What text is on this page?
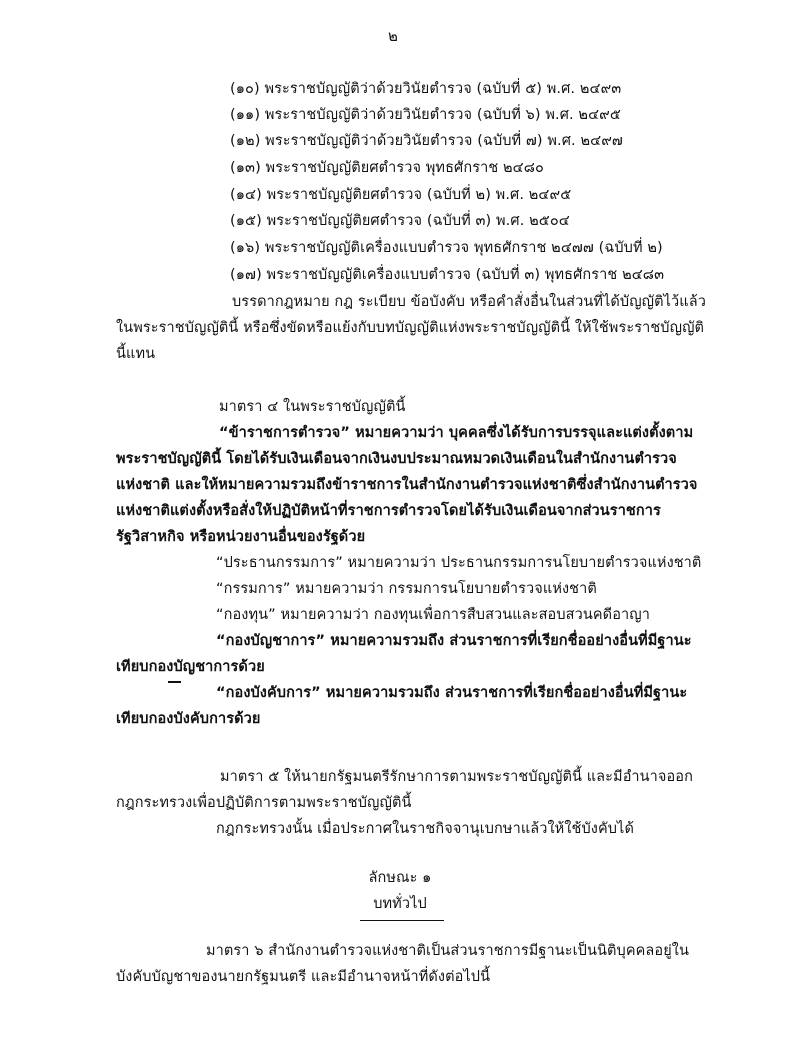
๒
(๑๐) พระราชบัญญัติว่าด้วยวินัยตำรวจ (ฉบับที่ ๕) พ.ศ. ๒๔๙๓
(๑๑) พระราชบัญญัติว่าด้วยวินัยตำรวจ (ฉบับที่ ๖) พ.ศ. ๒๔๙๕
(๑๒) พระราชบัญญัติว่าด้วยวินัยตำรวจ (ฉบับที่ ๗) พ.ศ. ๒๔๙๗
(๑๓) พระราชบัญญัติยศตำรวจ พุทธศักราช ๒๔๘๐
(๑๔) พระราชบัญญัติยศตำรวจ (ฉบับที่ ๒) พ.ศ. ๒๔๙๕
(๑๕) พระราชบัญญัติยศตำรวจ (ฉบับที่ ๓) พ.ศ. ๒๕๐๔
(๑๖) พระราชบัญญัติเครื่องแบบตำรวจ พุทธศักราช ๒๔๗๗ (ฉบับที่ ๒)
(๑๗) พระราชบัญญัติเครื่องแบบตำรวจ (ฉบับที่ ๓) พุทธศักราช ๒๔๘๓
บรรดากฎหมาย กฎ ระเบียบ ข้อบังคับ หรือคำสั่งอื่นในส่วนที่ได้บัญญัติไว้แล้ว
ในพระราชบัญญัตินี้ หรือซึ่งขัดหรือแย้งกับบทบัญญัติแห่งพระราชบัญญัตินี้ ให้ใช้พระราชบัญญัติ
นี้แทน
มาตรา ๔ ในพระราชบัญญัตินี้
“ข้าราชการตำรวจ” หมายความว่า บุคคลซึ่งได้รับการบรรจุและแต่งตั้งตาม
พระราชบัญญัตินี้ โดยได้รับเงินเดือนจากเงินงบประมาณหมวดเงินเดือนในสำนักงานตำรวจ
แห่งชาติ และให้หมายความรวมถึงข้าราชการในสำนักงานตำรวจแห่งชาติซึ่งสำนักงานตำรวจ
แห่งชาติแต่งตั้งหรือสั่งให้ปฏิบัติหน้าที่ราชการตำรวจโดยได้รับเงินเดือนจากส่วนราชการ
รัฐวิสาหกิจ หรือหน่วยงานอื่นของรัฐด้วย
“ประธานกรรมการ” หมายความว่า ประธานกรรมการนโยบายตำรวจแห่งชาติ
“กรรมการ” หมายความว่า กรรมการนโยบายตำรวจแห่งชาติ
“กองทุน” หมายความว่า กองทุนเพื่อการสืบสวนและสอบสวนคดีอาญา
“กองบัญชาการ” หมายความรวมถึง ส่วนราชการที่เรียกชื่ออย่างอื่นที่มีฐานะ
เทียบกองบัญชาการด้วย
“กองบังคับการ” หมายความรวมถึง ส่วนราชการที่เรียกชื่ออย่างอื่นที่มีฐานะ
เทียบกองบังคับการด้วย
มาตรา ๕ ให้นายกรัฐมนตรีรักษาการตามพระราชบัญญัตินี้ และมีอำนาจออก
กฎกระทรวงเพื่อปฏิบัติการตามพระราชบัญญัตินี้
กฎกระทรวงนั้น เมื่อประกาศในราชกิจจานุเบกษาแล้วให้ใช้บังคับได้
ลักษณะ ๑
บททั่วไป
มาตรา ๖ สำนักงานตำรวจแห่งชาติเป็นส่วนราชการมีฐานะเป็นนิติบุคคลอยู่ใน
บังคับบัญชาของนายกรัฐมนตรี และมีอำนาจหน้าที่ดังต่อไปนี้
